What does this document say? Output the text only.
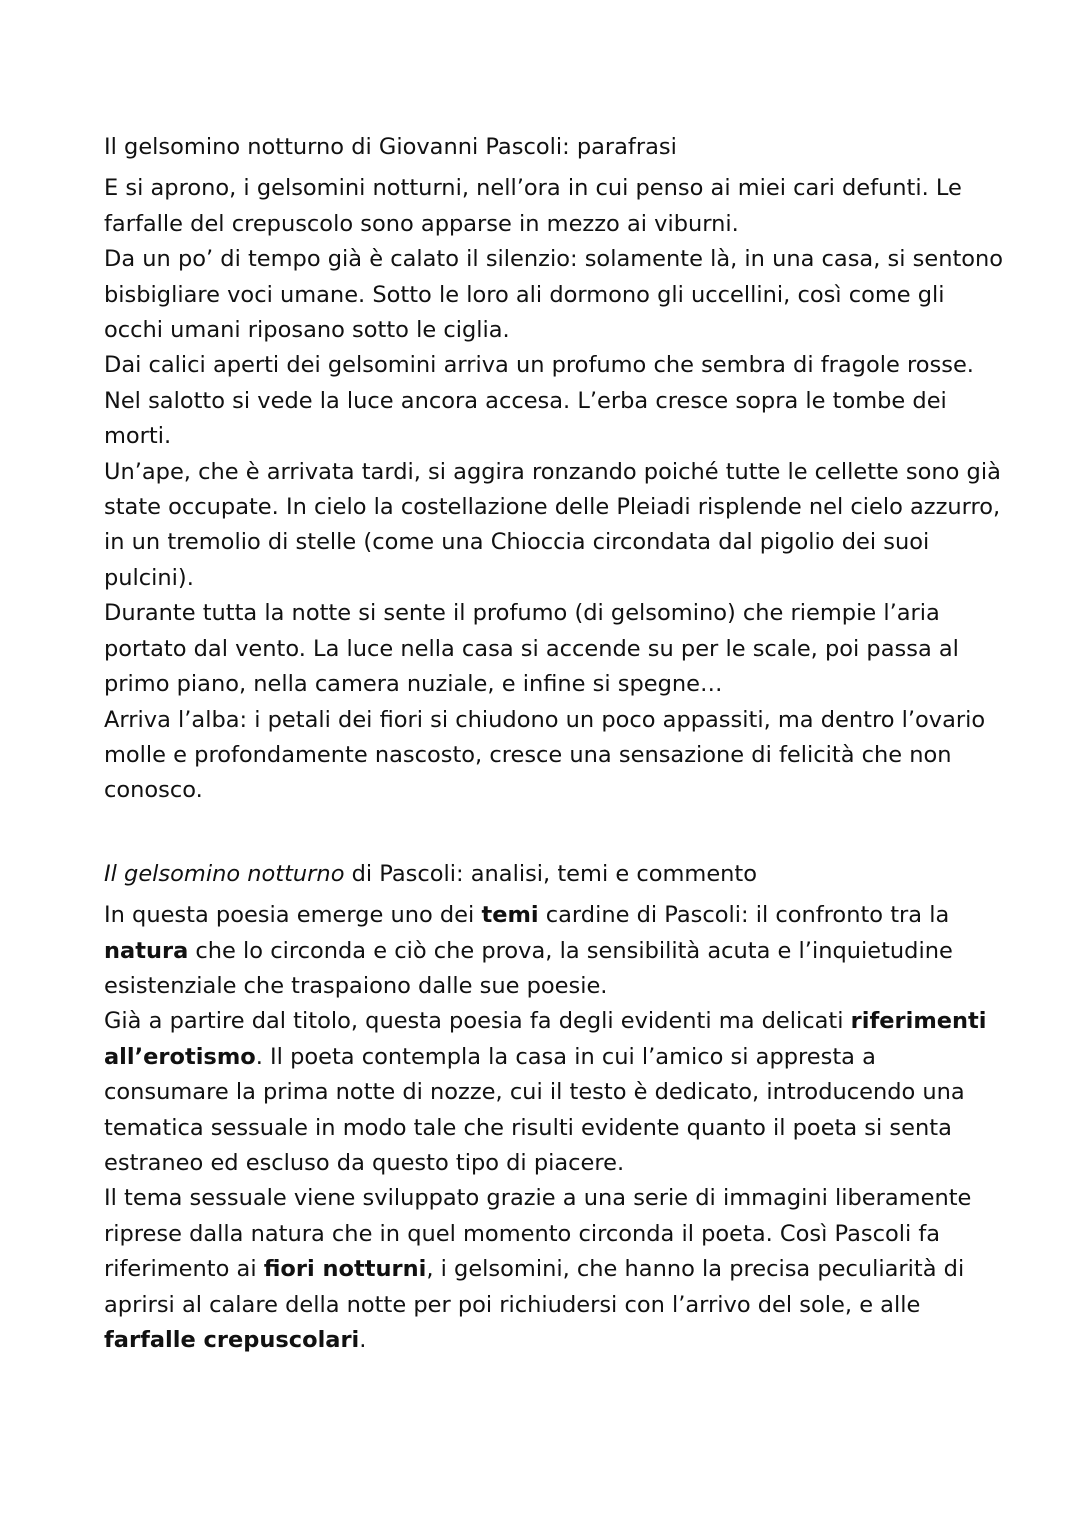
Il gelsomino notturno di Giovanni Pascoli: parafrasi

E si aprono, i gelsomini notturni, nell’ora in cui penso ai miei cari defunti. Le farfalle del crepuscolo sono apparse in mezzo ai viburni.

Da un po’ di tempo già è calato il silenzio: solamente là, in una casa, si sentono bisbigliare voci umane. Sotto le loro ali dormono gli uccellini, così come gli occhi umani riposano sotto le ciglia.

Dai calici aperti dei gelsomini arriva un profumo che sembra di fragole rosse. Nel salotto si vede la luce ancora accesa. L’erba cresce sopra le tombe dei morti.

Un’ape, che è arrivata tardi, si aggira ronzando poiché tutte le cellette sono già state occupate. In cielo la costellazione delle Pleiadi risplende nel cielo azzurro, in un tremolio di stelle (come una Chioccia circondata dal pigolio dei suoi pulcini).

Durante tutta la notte si sente il profumo (di gelsomino) che riempie l’aria portato dal vento. La luce nella casa si accende su per le scale, poi passa al primo piano, nella camera nuziale, e infine si spegne…

Arriva l’alba: i petali dei fiori si chiudono un poco appassiti, ma dentro l’ovario molle e profondamente nascosto, cresce una sensazione di felicità che non conosco.

Il gelsomino notturno di Pascoli: analisi, temi e commento

In questa poesia emerge uno dei temi cardine di Pascoli: il confronto tra la natura che lo circonda e ciò che prova, la sensibilità acuta e l’inquietudine esistenziale che traspaiono dalle sue poesie.

Già a partire dal titolo, questa poesia fa degli evidenti ma delicati riferimenti all’erotismo. Il poeta contempla la casa in cui l’amico si appresta a consumare la prima notte di nozze, cui il testo è dedicato, introducendo una tematica sessuale in modo tale che risulti evidente quanto il poeta si senta estraneo ed escluso da questo tipo di piacere.

Il tema sessuale viene sviluppato grazie a una serie di immagini liberamente riprese dalla natura che in quel momento circonda il poeta. Così Pascoli fa riferimento ai fiori notturni, i gelsomini, che hanno la precisa peculiarità di aprirsi al calare della notte per poi richiudersi con l’arrivo del sole, e alle farfalle crepuscolari.
